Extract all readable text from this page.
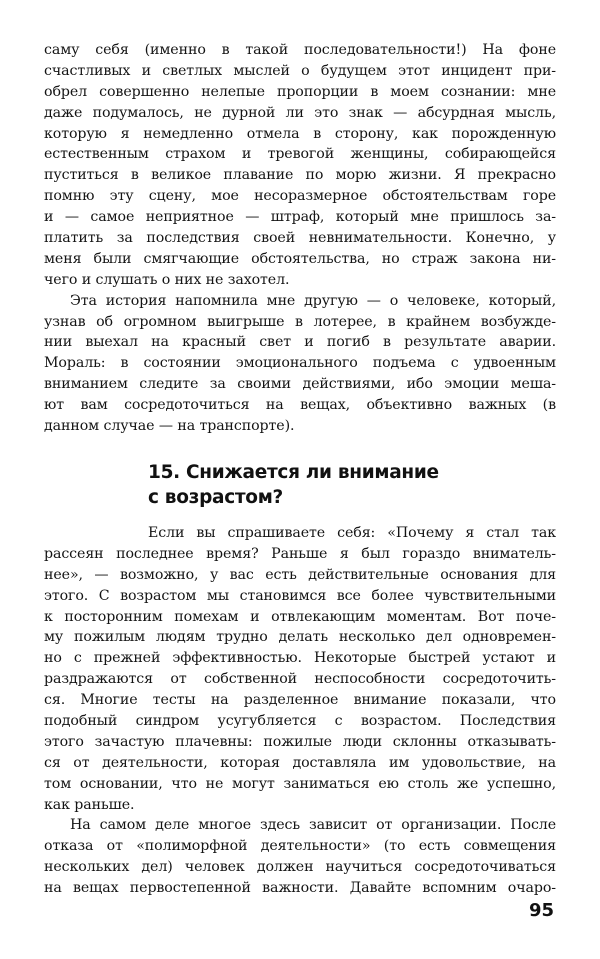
саму себя (именно в такой последовательности!) На фоне
счастливых и светлых мыслей о будущем этот инцидент при-
обрел совершенно нелепые пропорции в моем сознании: мне
даже подумалось, не дурной ли это знак — абсурдная мысль,
которую я немедленно отмела в сторону, как порожденную
естественным страхом и тревогой женщины, собирающейся
пуститься в великое плавание по морю жизни. Я прекрасно
помню эту сцену, мое несоразмерное обстоятельствам горе
и — самое неприятное — штраф, который мне пришлось за-
платить за последствия своей невнимательности. Конечно, у
меня были смягчающие обстоятельства, но страж закона ни-
чего и слушать о них не захотел.
Эта история напомнила мне другую — о человеке, который,
узнав об огромном выигрыше в лотерее, в крайнем возбужде-
нии выехал на красный свет и погиб в результате аварии.
Мораль: в состоянии эмоционального подъема с удвоенным
вниманием следите за своими действиями, ибо эмоции меша-
ют вам сосредоточиться на вещах, объективно важных (в
данном случае — на транспорте).
15. Снижается ли внимание
с возрастом?
Если вы спрашиваете себя: «Почему я стал так
рассеян последнее время? Раньше я был гораздо вниматель-
нее», — возможно, у вас есть действительные основания для
этого. С возрастом мы становимся все более чувствительными
к посторонним помехам и отвлекающим моментам. Вот поче-
му пожилым людям трудно делать несколько дел одновремен-
но с прежней эффективностью. Некоторые быстрей устают и
раздражаются от собственной неспособности сосредоточить-
ся. Многие тесты на разделенное внимание показали, что
подобный синдром усугубляется с возрастом. Последствия
этого зачастую плачевны: пожилые люди склонны отказывать-
ся от деятельности, которая доставляла им удовольствие, на
том основании, что не могут заниматься ею столь же успешно,
как раньше.
На самом деле многое здесь зависит от организации. После
отказа от «полиморфной деятельности» (то есть совмещения
нескольких дел) человек должен научиться сосредоточиваться
на вещах первостепенной важности. Давайте вспомним очаро-
95
